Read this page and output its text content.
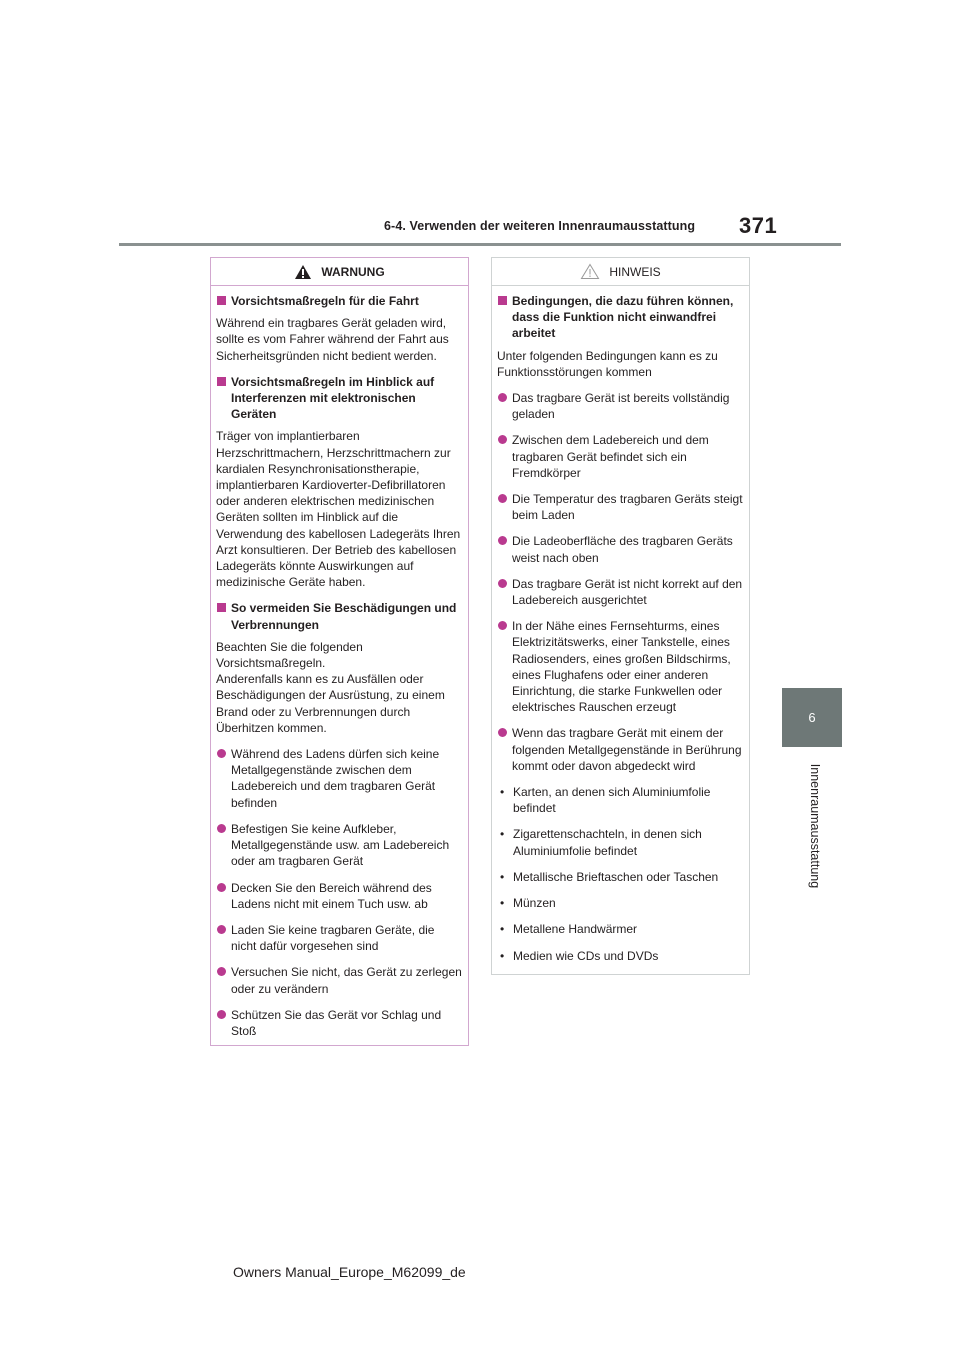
6-4. Verwenden der weiteren Innenraumausstattung	371
6
Innenraumausstattung
WARNUNG
Vorsichtsmaßregeln für die Fahrt
Während ein tragbares Gerät geladen wird, sollte es vom Fahrer während der Fahrt aus Sicherheitsgründen nicht bedient werden.
Vorsichtsmaßregeln im Hinblick auf Interferenzen mit elektronischen Geräten
Träger von implantierbaren Herzschrittmachern, Herzschrittmachern zur kardialen Resynchronisationstherapie, implantierbaren Kardioverter-Defibrillatoren oder anderen elektrischen medizinischen Geräten sollten im Hinblick auf die Verwendung des kabellosen Ladegeräts Ihren Arzt konsultieren. Der Betrieb des kabellosen Ladegeräts könnte Auswirkungen auf medizinische Geräte haben.
So vermeiden Sie Beschädigungen und Verbrennungen
Beachten Sie die folgenden Vorsichtsmaßregeln.
Anderenfalls kann es zu Ausfällen oder Beschädigungen der Ausrüstung, zu einem Brand oder zu Verbrennungen durch Überhitzen kommen.
Während des Ladens dürfen sich keine Metallgegenstände zwischen dem Ladebereich und dem tragbaren Gerät befinden
Befestigen Sie keine Aufkleber, Metallgegenstände usw. am Ladebereich oder am tragbaren Gerät
Decken Sie den Bereich während des Ladens nicht mit einem Tuch usw. ab
Laden Sie keine tragbaren Geräte, die nicht dafür vorgesehen sind
Versuchen Sie nicht, das Gerät zu zerlegen oder zu verändern
Schützen Sie das Gerät vor Schlag und Stoß
HINWEIS
Bedingungen, die dazu führen können, dass die Funktion nicht einwandfrei arbeitet
Unter folgenden Bedingungen kann es zu Funktionsstörungen kommen
Das tragbare Gerät ist bereits vollständig geladen
Zwischen dem Ladebereich und dem tragbaren Gerät befindet sich ein Fremdkörper
Die Temperatur des tragbaren Geräts steigt beim Laden
Die Ladeoberfläche des tragbaren Geräts weist nach oben
Das tragbare Gerät ist nicht korrekt auf den Ladebereich ausgerichtet
In der Nähe eines Fernsehturms, eines Elektrizitätswerks, einer Tankstelle, eines Radiosenders, eines großen Bildschirms, eines Flughafens oder einer anderen Einrichtung, die starke Funkwellen oder elektrisches Rauschen erzeugt
Wenn das tragbare Gerät mit einem der folgenden Metallgegenstände in Berührung kommt oder davon abgedeckt wird
• Karten, an denen sich Aluminiumfolie befindet
• Zigarettenschachteln, in denen sich Aluminiumfolie befindet
• Metallische Brieftaschen oder Taschen
• Münzen
• Metallene Handwärmer
• Medien wie CDs und DVDs
Owners Manual_Europe_M62099_de
